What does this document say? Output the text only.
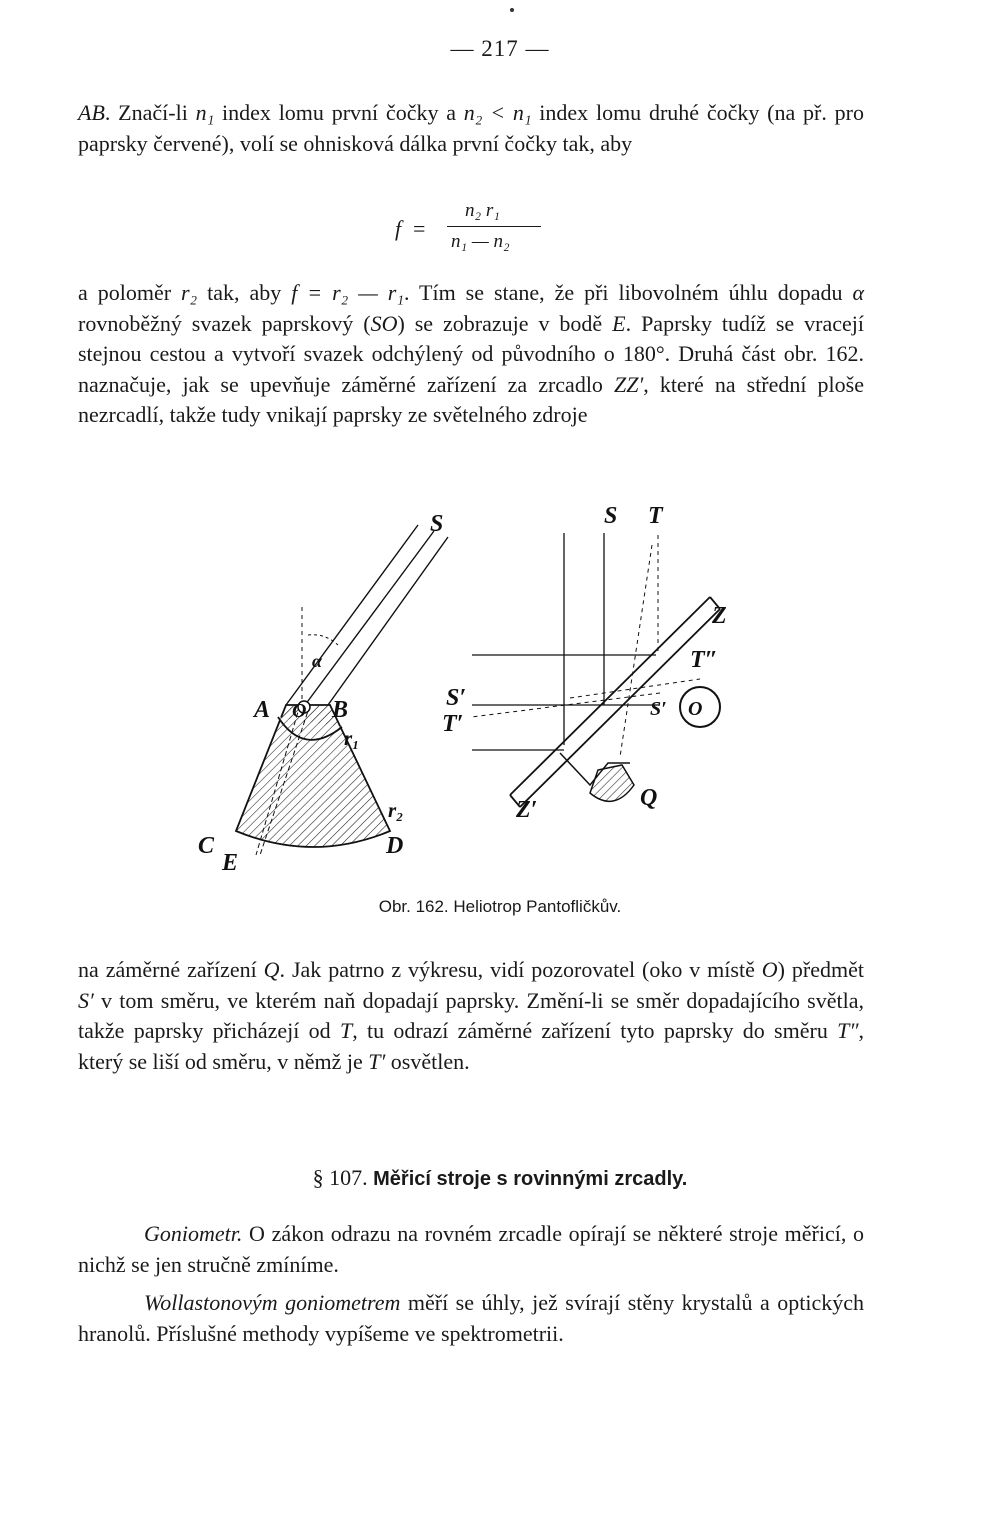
— 217 —
AB. Značí-li n₁ index lomu první čočky a n₂ < n₁ index lomu druhé čočky (na př. pro paprsky červené), volí se ohnisková dálka první čočky tak, aby
f =
n₂ r₁
n₁ — n₂
a poloměr r₂ tak, aby f = r₂ — r₁. Tím se stane, že při libovolném úhlu dopadu α rovnoběžný svazek paprskový (SO) se zobrazuje v bodě E. Paprsky tudíž se vracejí stejnou cestou a vytvoří svazek odchýlený od původního o 180°. Druhá část obr. 162. naznačuje, jak se upevňuje záměrné zařízení za zrcadlo ZZ′, které na střední ploše nezrcadlí, takže tudy vnikají paprsky ze světelného zdroje
S
α
A O B
r₁
r₂
C
E
D
S T
Z
T″
S′
T′
S′ O
Z′	Q
Obr. 162. Heliotrop Pantofličkův.
na záměrné zařízení Q. Jak patrno z výkresu, vidí pozorovatel (oko v místě O) předmět S′ v tom směru, ve kterém naň dopadají paprsky. Změní-li se směr dopadajícího světla, takže paprsky přicházejí od T, tu odrazí záměrné zařízení tyto paprsky do směru T″, který se liší od směru, v němž je T′ osvětlen.
§ 107. Měřicí stroje s rovinnými zrcadly.
Goniometr. O zákon odrazu na rovném zrcadle opírají se některé stroje měřicí, o nichž se jen stručně zmíníme.
Wollastonovým goniometrem měří se úhly, jež svírají stěny krystalů a optických hranolů. Příslušné methody vypíšeme ve spektrometrii.
